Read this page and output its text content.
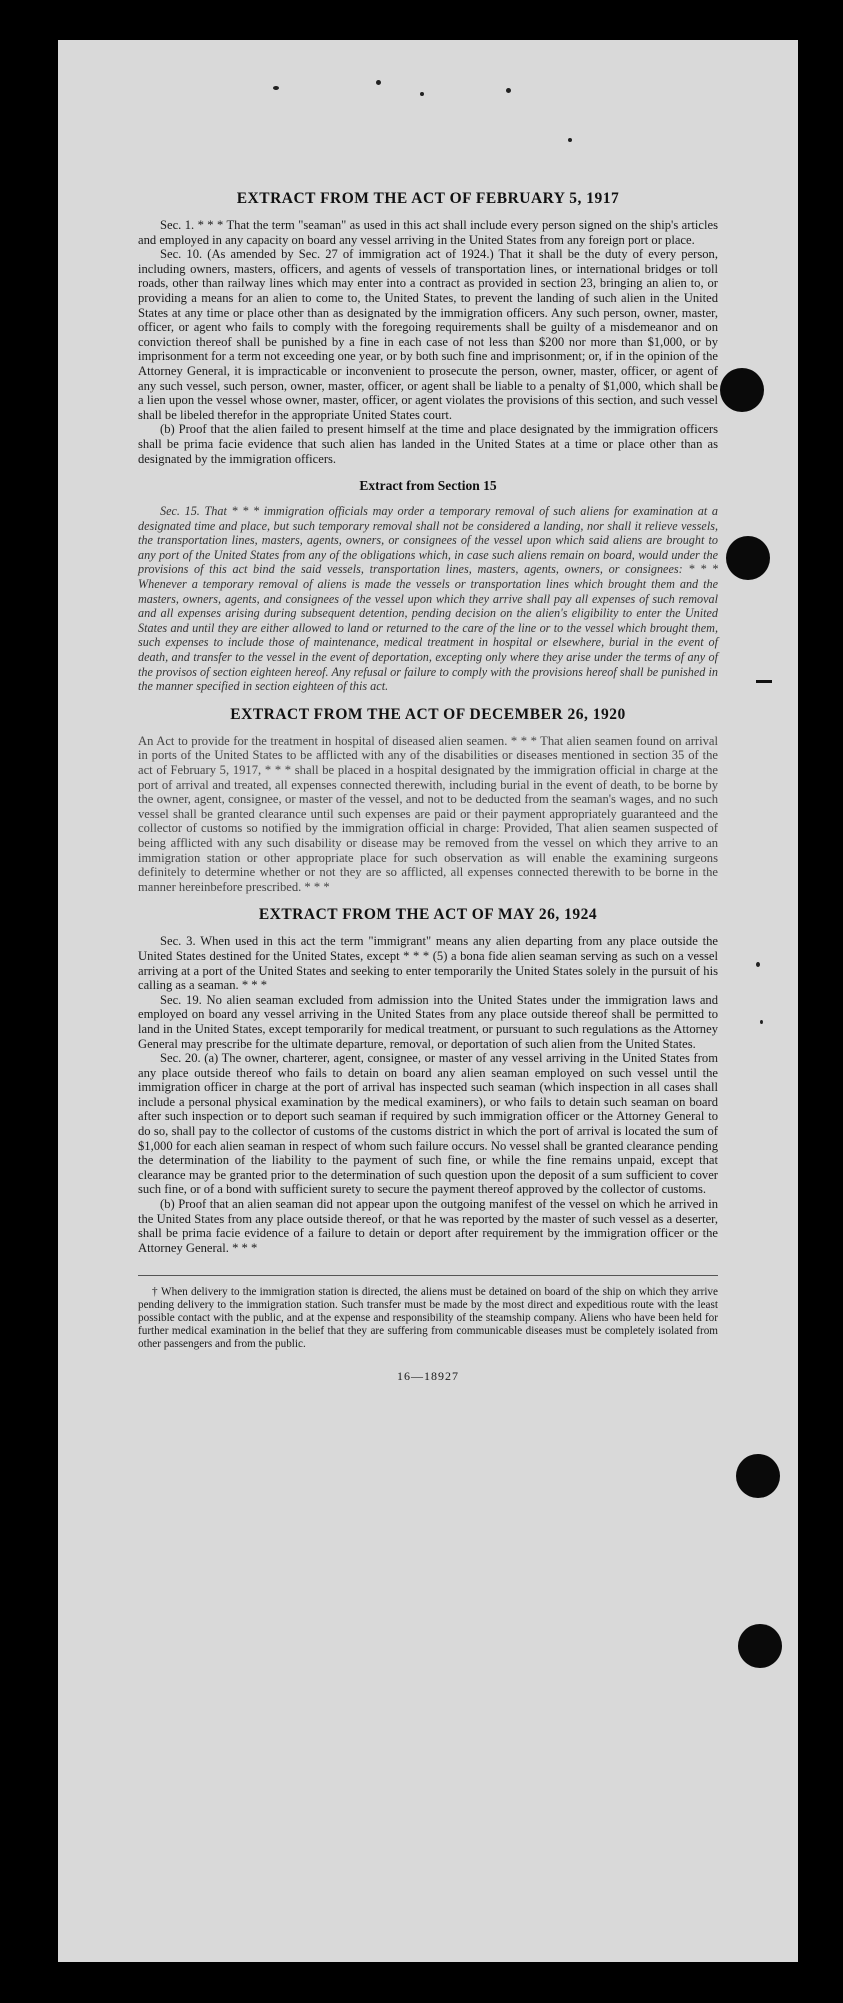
EXTRACT FROM THE ACT OF FEBRUARY 5, 1917

Sec. 1. * * * That the term "seaman" as used in this act shall include every person signed on the ship's articles and employed in any capacity on board any vessel arriving in the United States from any foreign port or place.

Sec. 10. (As amended by Sec. 27 of immigration act of 1924.) That it shall be the duty of every person, including owners, masters, officers, and agents of vessels of transportation lines, or international bridges or toll roads, other than railway lines which may enter into a contract as provided in section 23, bringing an alien to, or providing a means for an alien to come to, the United States, to prevent the landing of such alien in the United States at any time or place other than as designated by the immigration officers. Any such person, owner, master, officer, or agent who fails to comply with the foregoing requirements shall be guilty of a misdemeanor and on conviction thereof shall be punished by a fine in each case of not less than $200 nor more than $1,000, or by imprisonment for a term not exceeding one year, or by both such fine and imprisonment; or, if in the opinion of the Attorney General, it is impracticable or inconvenient to prosecute the person, owner, master, officer, or agent of any such vessel, such person, owner, master, officer, or agent shall be liable to a penalty of $1,000, which shall be a lien upon the vessel whose owner, master, officer, or agent violates the provisions of this section, and such vessel shall be libeled therefor in the appropriate United States court.

(b) Proof that the alien failed to present himself at the time and place designated by the immigration officers shall be prima facie evidence that such alien has landed in the United States at a time or place other than as designated by the immigration officers.

Extract from Section 15

Sec. 15. That * * * immigration officials may order a temporary removal of such aliens for examination at a designated time and place, but such temporary removal shall not be considered a landing, nor shall it relieve vessels, the transportation lines, masters, agents, owners, or consignees of the vessel upon which said aliens are brought to any port of the United States from any of the obligations which, in case such aliens remain on board, would under the provisions of this act bind the said vessels, transportation lines, masters, agents, owners, or consignees: * * * Whenever a temporary removal of aliens is made the vessels or transportation lines which brought them and the masters, owners, agents, and consignees of the vessel upon which they arrive shall pay all expenses of such removal and all expenses arising during subsequent detention, pending decision on the alien's eligibility to enter the United States and until they are either allowed to land or returned to the care of the line or to the vessel which brought them, such expenses to include those of maintenance, medical treatment in hospital or elsewhere, burial in the event of death, and transfer to the vessel in the event of deportation, excepting only where they arise under the terms of any of the provisos of section eighteen hereof. Any refusal or failure to comply with the provisions hereof shall be punished in the manner specified in section eighteen of this act.

EXTRACT FROM THE ACT OF DECEMBER 26, 1920

An Act to provide for the treatment in hospital of diseased alien seamen. * * * That alien seamen found on arrival in ports of the United States to be afflicted with any of the disabilities or diseases mentioned in section 35 of the act of February 5, 1917, * * * shall be placed in a hospital designated by the immigration official in charge at the port of arrival and treated, all expenses connected therewith, including burial in the event of death, to be borne by the owner, agent, consignee, or master of the vessel, and not to be deducted from the seaman's wages, and no such vessel shall be granted clearance until such expenses are paid or their payment appropriately guaranteed and the collector of customs so notified by the immigration official in charge: Provided, That alien seamen suspected of being afflicted with any such disability or disease may be removed from the vessel on which they arrive to an immigration station or other appropriate place for such observation as will enable the examining surgeons definitely to determine whether or not they are so afflicted, all expenses connected therewith to be borne in the manner hereinbefore prescribed. * * *

EXTRACT FROM THE ACT OF MAY 26, 1924

Sec. 3. When used in this act the term "immigrant" means any alien departing from any place outside the United States destined for the United States, except * * * (5) a bona fide alien seaman serving as such on a vessel arriving at a port of the United States and seeking to enter temporarily the United States solely in the pursuit of his calling as a seaman. * * *

Sec. 19. No alien seaman excluded from admission into the United States under the immigration laws and employed on board any vessel arriving in the United States from any place outside thereof shall be permitted to land in the United States, except temporarily for medical treatment, or pursuant to such regulations as the Attorney General may prescribe for the ultimate departure, removal, or deportation of such alien from the United States.

Sec. 20. (a) The owner, charterer, agent, consignee, or master of any vessel arriving in the United States from any place outside thereof who fails to detain on board any alien seaman employed on such vessel until the immigration officer in charge at the port of arrival has inspected such seaman (which inspection in all cases shall include a personal physical examination by the medical examiners), or who fails to detain such seaman on board after such inspection or to deport such seaman if required by such immigration officer or the Attorney General to do so, shall pay to the collector of customs of the customs district in which the port of arrival is located the sum of $1,000 for each alien seaman in respect of whom such failure occurs. No vessel shall be granted clearance pending the determination of the liability to the payment of such fine, or while the fine remains unpaid, except that clearance may be granted prior to the determination of such question upon the deposit of a sum sufficient to cover such fine, or of a bond with sufficient surety to secure the payment thereof approved by the collector of customs.

(b) Proof that an alien seaman did not appear upon the outgoing manifest of the vessel on which he arrived in the United States from any place outside thereof, or that he was reported by the master of such vessel as a deserter, shall be prima facie evidence of a failure to detain or deport after requirement by the immigration officer or the Attorney General. * * *

† When delivery to the immigration station is directed, the aliens must be detained on board of the ship on which they arrive pending delivery to the immigration station. Such transfer must be made by the most direct and expeditious route with the least possible contact with the public, and at the expense and responsibility of the steamship company. Aliens who have been held for further medical examination in the belief that they are suffering from communicable diseases must be completely isolated from other passengers and from the public.

16—18927
